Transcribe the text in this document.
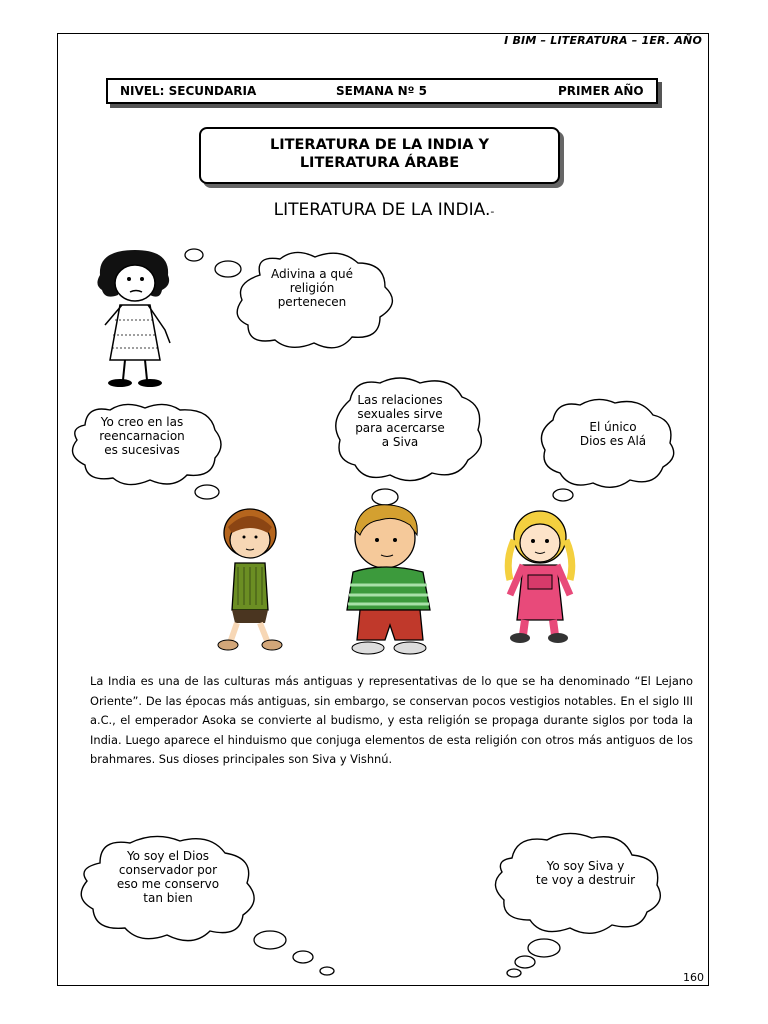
I BIM – LITERATURA – 1ER. AÑO
NIVEL: SECUNDARIA	SEMANA Nº 5	PRIMER AÑO
LITERATURA DE LA INDIA Y
LITERATURA ÁRABE
LITERATURA DE LA INDIA.-
Adivina a qué
religión
pertenecen
Yo creo en las
reencarnacion
es sucesivas
Las relaciones
sexuales sirve
para acercarse
a Siva
El único
Dios es Alá
La India es una de las culturas más antiguas y representativas de lo que se ha denominado “El Lejano Oriente”. De las épocas más antiguas, sin embargo, se conservan pocos vestigios notables. En el siglo III a.C., el emperador Asoka se convierte al budismo, y esta religión se propaga durante siglos por toda la India. Luego aparece el hinduismo que conjuga elementos de esta religión con otros más antiguos de los brahmares. Sus dioses principales son Siva y Vishnú.
Yo soy el Dios
conservador por
eso me conservo
tan bien
Yo soy Siva y
te voy a destruir
160
